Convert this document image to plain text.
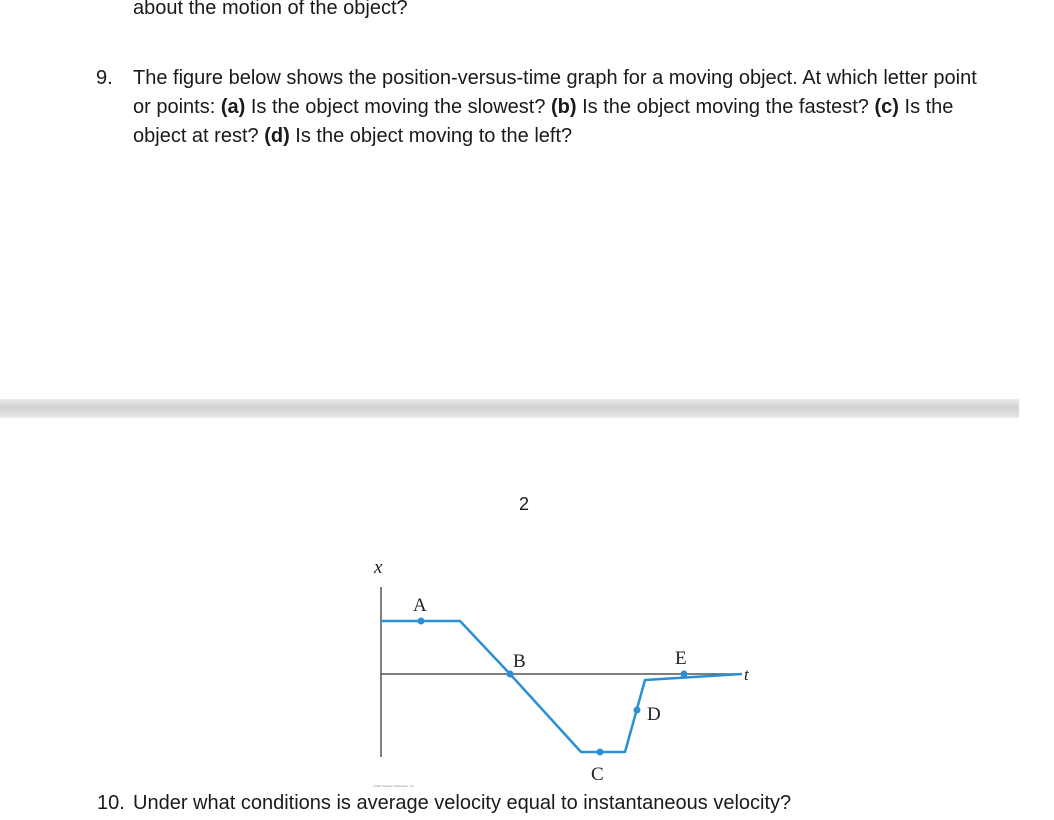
about the motion of the object?
9. The figure below shows the position-versus-time graph for a moving object. At which letter point or points: (a) Is the object moving the slowest? (b) Is the object moving the fastest? (c) Is the object at rest? (d) Is the object moving to the left?
2
x
t
A
B
C
D
E
©2017 Pearson Education, Inc.
10. Under what conditions is average velocity equal to instantaneous velocity?
